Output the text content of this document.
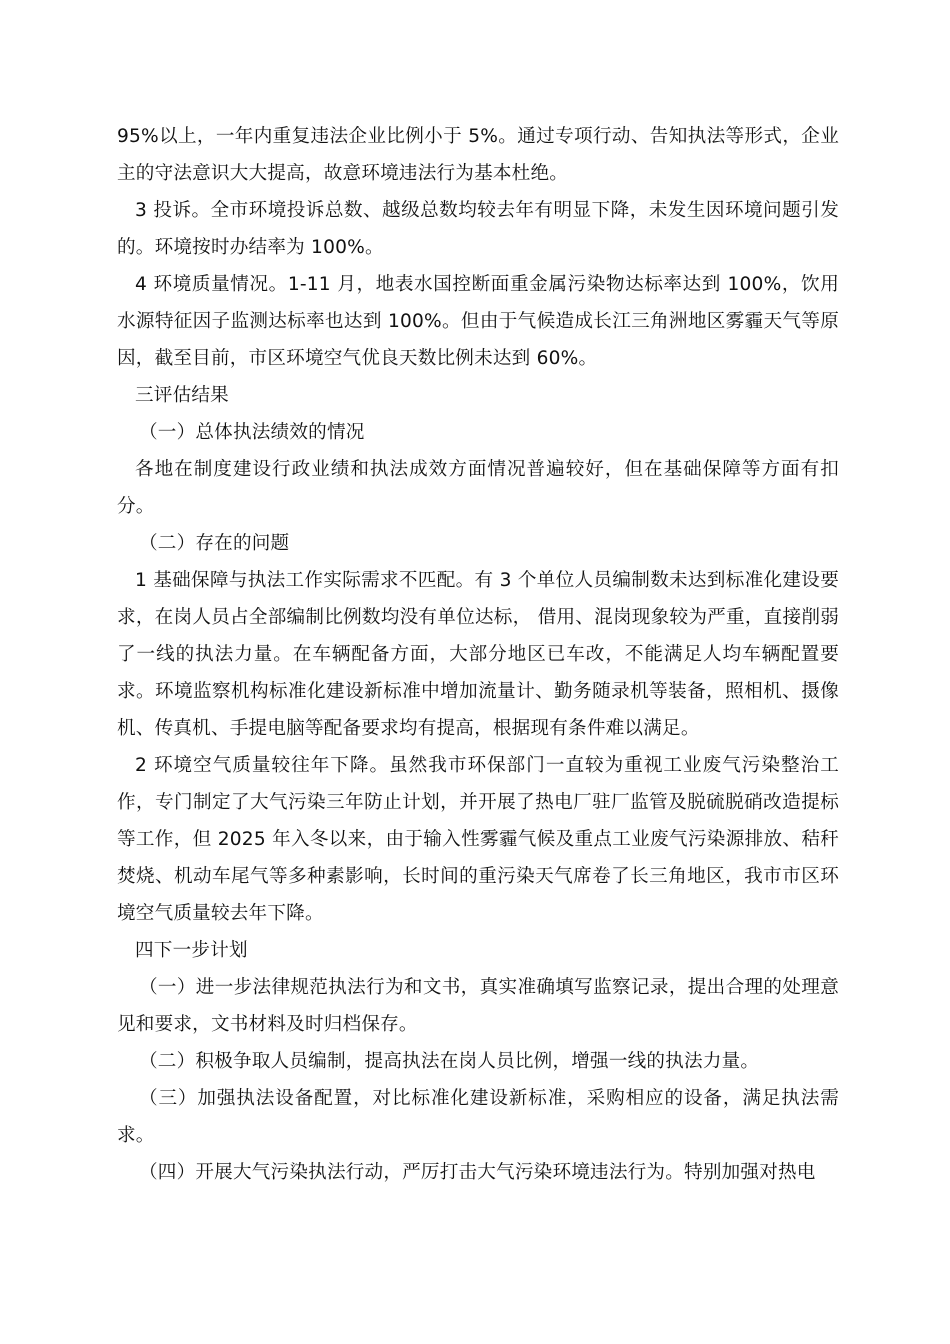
95%以上，一年内重复违法企业比例小于 5%。通过专项行动、告知执法等形式，企业主的守法意识大大提高，故意环境违法行为基本杜绝。

3 投诉。全市环境投诉总数、越级总数均较去年有明显下降，未发生因环境问题引发的。环境按时办结率为 100%。

4 环境质量情况。1-11 月，地表水国控断面重金属污染物达标率达到 100%，饮用水源特征因子监测达标率也达到 100%。但由于气候造成长江三角洲地区雾霾天气等原因，截至目前，市区环境空气优良天数比例未达到 60%。

三评估结果

（一）总体执法绩效的情况

各地在制度建设行政业绩和执法成效方面情况普遍较好，但在基础保障等方面有扣分。

（二）存在的问题

1 基础保障与执法工作实际需求不匹配。有 3 个单位人员编制数未达到标准化建设要求，在岗人员占全部编制比例数均没有单位达标， 借用、混岗现象较为严重，直接削弱了一线的执法力量。在车辆配备方面，大部分地区已车改，不能满足人均车辆配置要求。环境监察机构标准化建设新标准中增加流量计、勤务随录机等装备，照相机、摄像机、传真机、手提电脑等配备要求均有提高，根据现有条件难以满足。

2 环境空气质量较往年下降。虽然我市环保部门一直较为重视工业废气污染整治工作，专门制定了大气污染三年防止计划，并开展了热电厂驻厂监管及脱硫脱硝改造提标等工作，但 2025 年入冬以来，由于输入性雾霾气候及重点工业废气污染源排放、秸秆焚烧、机动车尾气等多种素影响，长时间的重污染天气席卷了长三角地区，我市市区环境空气质量较去年下降。

四下一步计划

（一）进一步法律规范执法行为和文书，真实准确填写监察记录，提出合理的处理意见和要求，文书材料及时归档保存。

（二）积极争取人员编制，提高执法在岗人员比例，增强一线的执法力量。

（三）加强执法设备配置，对比标准化建设新标准，采购相应的设备，满足执法需求。

（四）开展大气污染执法行动，严厉打击大气污染环境违法行为。特别加强对热电
